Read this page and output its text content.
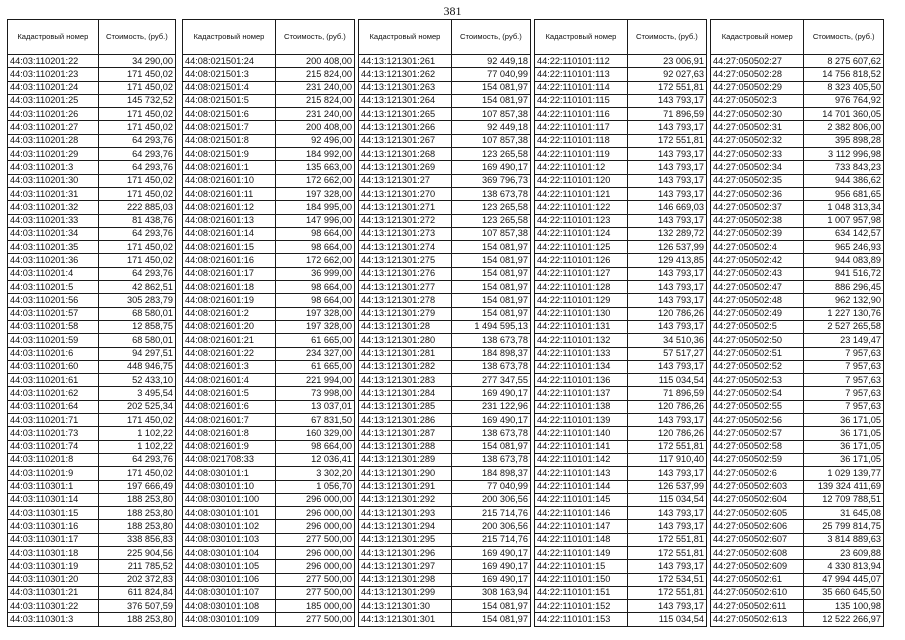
381
Кадастровый номер	Стоимость, (руб.)
44:03:110201:22	34 290,00
44:03:110201:23	171 450,02
44:03:110201:24	171 450,02
44:03:110201:25	145 732,52
44:03:110201:26	171 450,02
44:03:110201:27	171 450,02
44:03:110201:28	64 293,76
44:03:110201:29	64 293,76
44:03:110201:3	64 293,76
44:03:110201:30	171 450,02
44:03:110201:31	171 450,02
44:03:110201:32	222 885,03
44:03:110201:33	81 438,76
44:03:110201:34	64 293,76
44:03:110201:35	171 450,02
44:03:110201:36	171 450,02
44:03:110201:4	64 293,76
44:03:110201:5	42 862,51
44:03:110201:56	305 283,79
44:03:110201:57	68 580,01
44:03:110201:58	12 858,75
44:03:110201:59	68 580,01
44:03:110201:6	94 297,51
44:03:110201:60	448 946,75
44:03:110201:61	52 433,10
44:03:110201:62	3 495,54
44:03:110201:64	202 525,34
44:03:110201:71	171 450,02
44:03:110201:73	1 102,22
44:03:110201:74	1 102,22
44:03:110201:8	64 293,76
44:03:110201:9	171 450,02
44:03:110301:1	197 666,49
44:03:110301:14	188 253,80
44:03:110301:15	188 253,80
44:03:110301:16	188 253,80
44:03:110301:17	338 856,83
44:03:110301:18	225 904,56
44:03:110301:19	211 785,52
44:03:110301:20	202 372,83
44:03:110301:21	611 824,84
44:03:110301:22	376 507,59
44:03:110301:3	188 253,80
Кадастровый номер	Стоимость, (руб.)
44:08:021501:24	200 408,00
44:08:021501:3	215 824,00
44:08:021501:4	231 240,00
44:08:021501:5	215 824,00
44:08:021501:6	231 240,00
44:08:021501:7	200 408,00
44:08:021501:8	92 496,00
44:08:021501:9	184 992,00
44:08:021601:1	135 663,00
44:08:021601:10	172 662,00
44:08:021601:11	197 328,00
44:08:021601:12	184 995,00
44:08:021601:13	147 996,00
44:08:021601:14	98 664,00
44:08:021601:15	98 664,00
44:08:021601:16	172 662,00
44:08:021601:17	36 999,00
44:08:021601:18	98 664,00
44:08:021601:19	98 664,00
44:08:021601:2	197 328,00
44:08:021601:20	197 328,00
44:08:021601:21	61 665,00
44:08:021601:22	234 327,00
44:08:021601:3	61 665,00
44:08:021601:4	221 994,00
44:08:021601:5	73 998,00
44:08:021601:6	13 037,01
44:08:021601:7	67 831,50
44:08:021601:8	160 329,00
44:08:021601:9	98 664,00
44:08:021708:33	12 036,41
44:08:030101:1	3 302,20
44:08:030101:10	1 056,70
44:08:030101:100	296 000,00
44:08:030101:101	296 000,00
44:08:030101:102	296 000,00
44:08:030101:103	277 500,00
44:08:030101:104	296 000,00
44:08:030101:105	296 000,00
44:08:030101:106	277 500,00
44:08:030101:107	277 500,00
44:08:030101:108	185 000,00
44:08:030101:109	277 500,00
Кадастровый номер	Стоимость, (руб.)
44:13:121301:261	92 449,18
44:13:121301:262	77 040,99
44:13:121301:263	154 081,97
44:13:121301:264	154 081,97
44:13:121301:265	107 857,38
44:13:121301:266	92 449,18
44:13:121301:267	107 857,38
44:13:121301:268	123 265,58
44:13:121301:269	169 490,17
44:13:121301:27	369 796,73
44:13:121301:270	138 673,78
44:13:121301:271	123 265,58
44:13:121301:272	123 265,58
44:13:121301:273	107 857,38
44:13:121301:274	154 081,97
44:13:121301:275	154 081,97
44:13:121301:276	154 081,97
44:13:121301:277	154 081,97
44:13:121301:278	154 081,97
44:13:121301:279	154 081,97
44:13:121301:28	1 494 595,13
44:13:121301:280	138 673,78
44:13:121301:281	184 898,37
44:13:121301:282	138 673,78
44:13:121301:283	277 347,55
44:13:121301:284	169 490,17
44:13:121301:285	231 122,96
44:13:121301:286	169 490,17
44:13:121301:287	138 673,78
44:13:121301:288	154 081,97
44:13:121301:289	138 673,78
44:13:121301:290	184 898,37
44:13:121301:291	77 040,99
44:13:121301:292	200 306,56
44:13:121301:293	215 714,76
44:13:121301:294	200 306,56
44:13:121301:295	215 714,76
44:13:121301:296	169 490,17
44:13:121301:297	169 490,17
44:13:121301:298	169 490,17
44:13:121301:299	308 163,94
44:13:121301:30	154 081,97
44:13:121301:301	154 081,97
Кадастровый номер	Стоимость, (руб.)
44:22:110101:112	23 006,91
44:22:110101:113	92 027,63
44:22:110101:114	172 551,81
44:22:110101:115	143 793,17
44:22:110101:116	71 896,59
44:22:110101:117	143 793,17
44:22:110101:118	172 551,81
44:22:110101:119	143 793,17
44:22:110101:12	143 793,17
44:22:110101:120	143 793,17
44:22:110101:121	143 793,17
44:22:110101:122	146 669,03
44:22:110101:123	143 793,17
44:22:110101:124	132 289,72
44:22:110101:125	126 537,99
44:22:110101:126	129 413,85
44:22:110101:127	143 793,17
44:22:110101:128	143 793,17
44:22:110101:129	143 793,17
44:22:110101:130	120 786,26
44:22:110101:131	143 793,17
44:22:110101:132	34 510,36
44:22:110101:133	57 517,27
44:22:110101:134	143 793,17
44:22:110101:136	115 034,54
44:22:110101:137	71 896,59
44:22:110101:138	120 786,26
44:22:110101:139	143 793,17
44:22:110101:140	120 786,26
44:22:110101:141	172 551,81
44:22:110101:142	117 910,40
44:22:110101:143	143 793,17
44:22:110101:144	126 537,99
44:22:110101:145	115 034,54
44:22:110101:146	143 793,17
44:22:110101:147	143 793,17
44:22:110101:148	172 551,81
44:22:110101:149	172 551,81
44:22:110101:15	143 793,17
44:22:110101:150	172 534,51
44:22:110101:151	172 551,81
44:22:110101:152	143 793,17
44:22:110101:153	115 034,54
Кадастровый номер	Стоимость, (руб.)
44:27:050502:27	8 275 607,62
44:27:050502:28	14 756 818,52
44:27:050502:29	8 323 405,50
44:27:050502:3	976 764,92
44:27:050502:30	14 701 360,05
44:27:050502:31	2 382 806,00
44:27:050502:32	395 898,28
44:27:050502:33	3 112 996,98
44:27:050502:34	733 843,23
44:27:050502:35	944 386,62
44:27:050502:36	956 681,65
44:27:050502:37	1 048 313,34
44:27:050502:38	1 007 957,98
44:27:050502:39	634 142,57
44:27:050502:4	965 246,93
44:27:050502:42	944 083,89
44:27:050502:43	941 516,72
44:27:050502:47	886 296,45
44:27:050502:48	962 132,90
44:27:050502:49	1 227 130,76
44:27:050502:5	2 527 265,58
44:27:050502:50	23 149,47
44:27:050502:51	7 957,63
44:27:050502:52	7 957,63
44:27:050502:53	7 957,63
44:27:050502:54	7 957,63
44:27:050502:55	7 957,63
44:27:050502:56	36 171,05
44:27:050502:57	36 171,05
44:27:050502:58	36 171,05
44:27:050502:59	36 171,05
44:27:050502:6	1 029 139,77
44:27:050502:603	139 324 411,69
44:27:050502:604	12 709 788,51
44:27:050502:605	31 645,08
44:27:050502:606	25 799 814,75
44:27:050502:607	3 814 889,63
44:27:050502:608	23 609,88
44:27:050502:609	4 330 813,94
44:27:050502:61	47 994 445,07
44:27:050502:610	35 660 645,50
44:27:050502:611	135 100,98
44:27:050502:613	12 522 266,97
